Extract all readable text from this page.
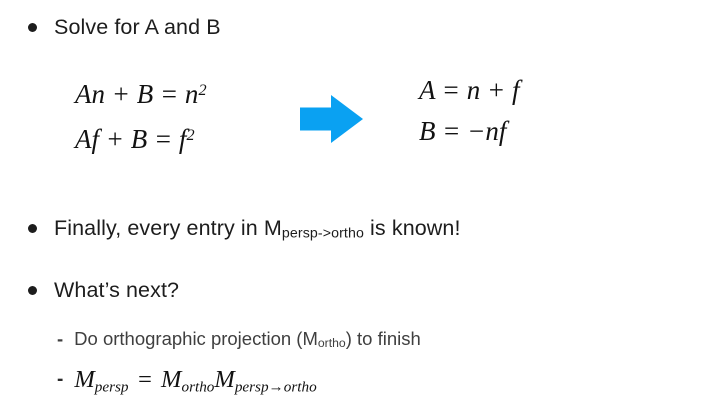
Solve for A and B
$An + B = n^2$
$Af + B = f^2$
A = n + f
B = −nf
Finally, every entry in Mpersp->ortho is known!
What’s next?
- Do orthographic projection (Mortho) to finish
- Mpersp = MorthoMpersp→ortho
